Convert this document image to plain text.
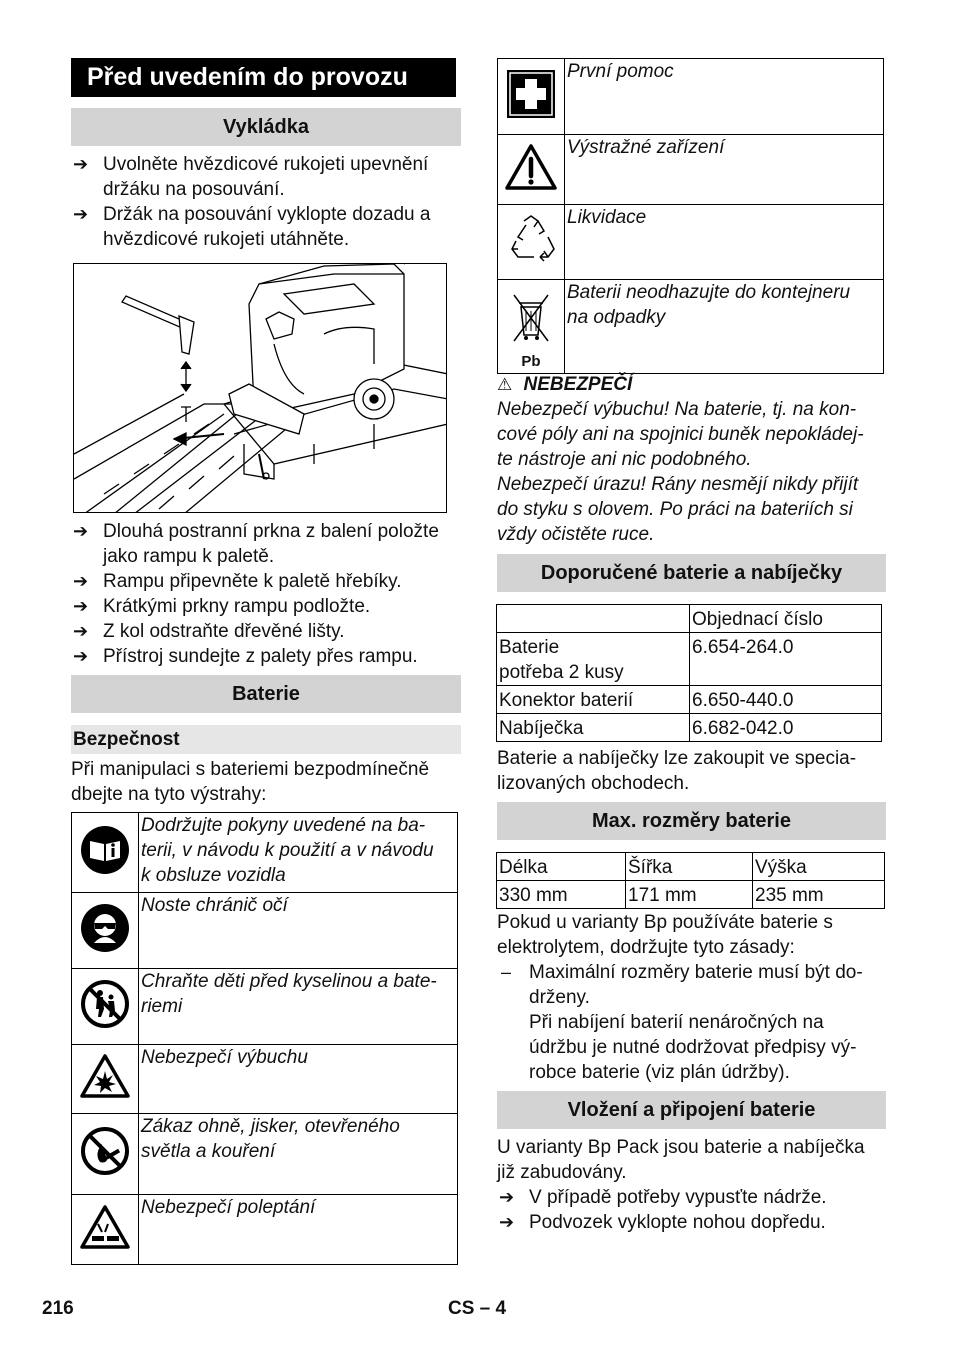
Před uvedením do provozu
Vykládka
➔ Uvolněte hvězdicové rukojeti upevnění
držáku na posouvání.
➔ Držák na posouvání vyklopte dozadu a
hvězdicové rukojeti utáhněte.
➔ Dlouhá postranní prkna z balení položte
jako rampu k paletě.
➔ Rampu připevněte k paletě hřebíky.
➔ Krátkými prkny rampu podložte.
➔ Z kol odstraňte dřevěné lišty.
➔ Přístroj sundejte z palety přes rampu.
Baterie
Bezpečnost
Při manipulaci s bateriemi bezpodmínečně
dbejte na tyto výstrahy:

Dodržujte pokyny uvedené na ba-
terii, v návodu k použití a v návodu
k obsluze vozidla

Noste chránič očí

Chraňte děti před kyselinou a bate-
riemi

Nebezpečí výbuchu

Zákaz ohně, jisker, otevřeného
světla a kouření

Nebezpečí poleptání

První pomoc

Výstražné zařízení

Likvidace

Pb	Baterii neodhazujte do kontejneru
na odpadky
⚠ NEBEZPEČÍ
Nebezpečí výbuchu! Na baterie, tj. na kon-
cové póly ani na spojnici buněk nepokládej-
te nástroje ani nic podobného.
Nebezpečí úrazu! Rány nesmějí nikdy přijít
do styku s olovem. Po práci na bateriích si
vždy očistěte ruce.
Doporučené baterie a nabíječky
	Objednací číslo

Baterie
potřeba 2 kusy	6.654-264.0
Konektor baterií	6.650-440.0
Nabíječka	6.682-042.0
Baterie a nabíječky lze zakoupit ve specia-
lizovaných obchodech.
Max. rozměry baterie
Délka	Šířka	Výška
330 mm	171 mm	235 mm
Pokud u varianty Bp používáte baterie s
elektrolytem, dodržujte tyto zásady:
– Maximální rozměry baterie musí být do-
drženy.
Při nabíjení baterií nenáročných na
údržbu je nutné dodržovat předpisy vý-
robce baterie (viz plán údržby).
Vložení a připojení baterie
U varianty Bp Pack jsou baterie a nabíječka
již zabudovány.
➔ V případě potřeby vypusťte nádrže.
➔ Podvozek vyklopte nohou dopředu.
216	CS – 4
